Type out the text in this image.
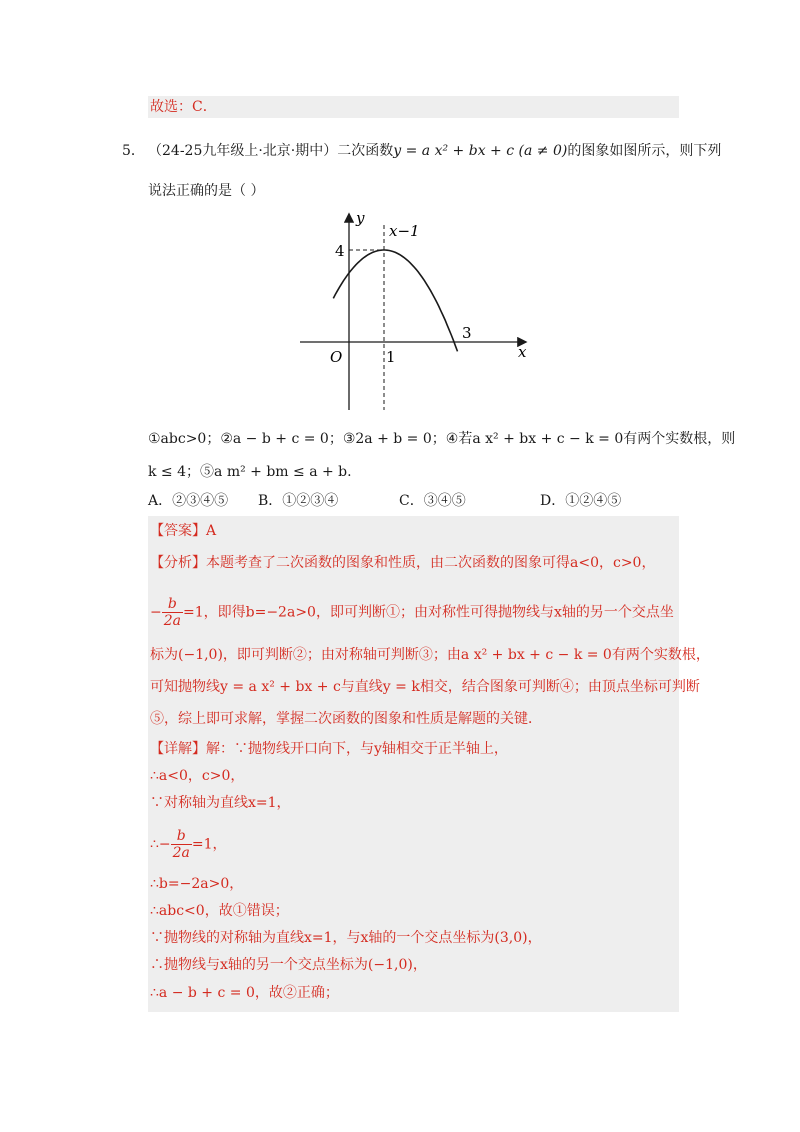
故选：C．
5． （24-25九年级上·北京·期中）二次函数y = a x² + bx + c (a ≠ 0)的图象如图所示，则下列
说法正确的是（ ）
y
x
O
x−1
4
1
3
①abc>0；②a − b + c = 0；③2a + b = 0；④若a x² + bx + c − k = 0有两个实数根，则
k ≤ 4；⑤a m² + bm ≤ a + b.
A．②③④⑤ B．①②③④	C．③④⑤	D．①②④⑤
【答案】A
【分析】本题考查了二次函数的图象和性质，由二次函数的图象可得a<0，c>0，
− $\frac{b}{2a} =1$，即得b=−2a>0，即可判断①；由对称性可得抛物线与x轴的另一个交点坐
标为(−1,0)，即可判断②；由对称轴可判断③；由a x² + bx + c − k = 0有两个实数根，
可知抛物线y = a x² + bx + c与直线y = k相交，结合图象可判断④；由顶点坐标可判断
⑤，综上即可求解，掌握二次函数的图象和性质是解题的关键．
【详解】解：∵抛物线开口向下，与y轴相交于正半轴上，
∴a<0，c>0，
∵对称轴为直线x=1，
∴− $\frac{b}{2a} =1$，
∴b=−2a>0，
∴abc<0，故①错误；
∵抛物线的对称轴为直线x=1，与x轴的一个交点坐标为(3,0)，
∴抛物线与x轴的另一个交点坐标为(−1,0)，
∴a − b + c = 0，故②正确；
